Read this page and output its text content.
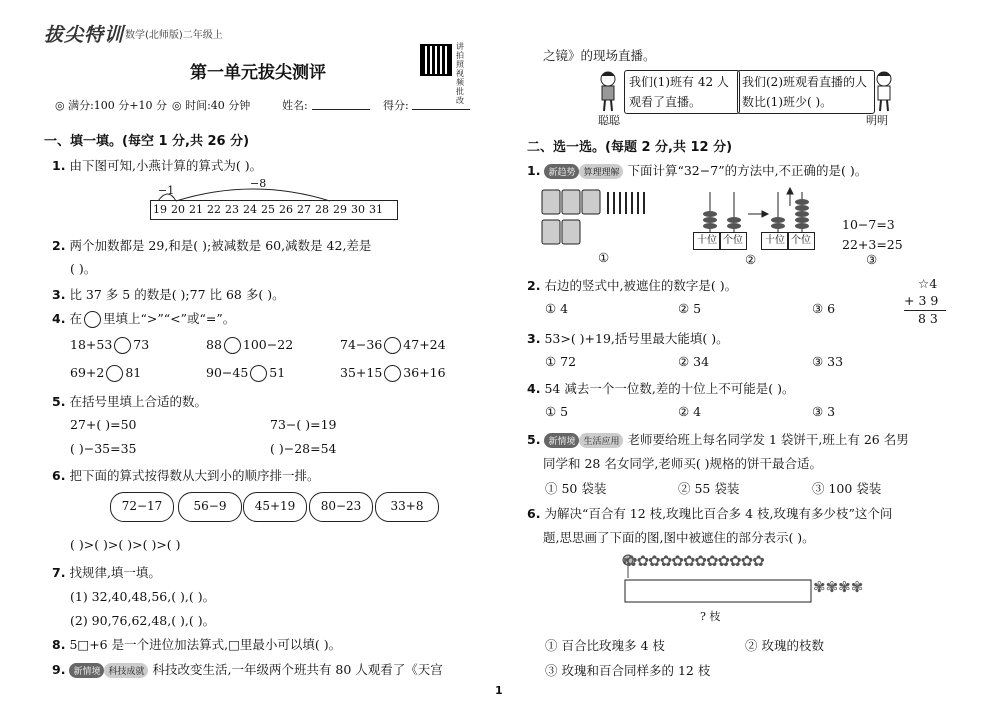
拔尖特训 数学(北师版)二年级上
第一单元拔尖测评
讲拍照视频批改
◎ 满分:100 分+10 分 ◎ 时间:40 分钟	姓名:	得分:
一、填一填。(每空 1 分,共 26 分)
1. 由下图可知,小燕计算的算式为( )。
−1
−8
19 20 21 22 23 24 25 26 27 28 29 30 31
2. 两个加数都是 29,和是( );被减数是 60,减数是 42,差是
( )。
3. 比 37 多 5 的数是( );77 比 68 多( )。
4. 在 里填上“>”“<”或“=”。
18+53 73	88 100−22	74−36 47+24
69+2 81	90−45 51	35+15 36+16
5. 在括号里填上合适的数。
27+( )=50	73−( )=19
( )−35=35	( )−28=54
6. 把下面的算式按得数从大到小的顺序排一排。
72−17	56−9	45+19	80−23	33+8
( )>( )>( )>( )>( )
7. 找规律,填一填。
(1) 32,40,48,56,( ),( )。
(2) 90,76,62,48,( ),( )。
8. 5□+6 是一个进位加法算式,□里最小可以填( )。
9. 新情境 科技成就 科技改变生活,一年级两个班共有 80 人观看了《天宫
1
之镜》的现场直播。
我们(1)班有 42 人观看了直播。
我们(2)班观看直播的人数比(1)班少( )。
聪聪	明明
二、选一选。(每题 2 分,共 12 分)
1. 新趋势 算理理解 下面计算“32−7”的方法中,不正确的是( )。
①
十位 个位	十位 个位
②
10−7=3
22+3=25
③
2. 右边的竖式中,被遮住的数字是( )。
① 4	② 5	③ 6
☆4
+ 3 9
8 3
3. 53>( )+19,括号里最大能填( )。
① 72	② 34	③ 33
4. 54 减去一个一位数,差的十位上不可能是( )。
① 5	② 4	③ 3
5. 新情境 生活应用 老师要给班上每名同学发 1 袋饼干,班上有 26 名男
同学和 28 名女同学,老师买( )规格的饼干最合适。
① 50 袋装	② 55 袋装	③ 100 袋装
6. 为解决“百合有 12 枝,玫瑰比百合多 4 枝,玫瑰有多少枝”这个问
题,思思画了下面的图,图中被遮住的部分表示( )。
✿✿✿✿✿✿✿✿✿✿✿✿
✾✾✾✾
? 枝
① 百合比玫瑰多 4 枝	② 玫瑰的枝数
③ 玫瑰和百合同样多的 12 枝
